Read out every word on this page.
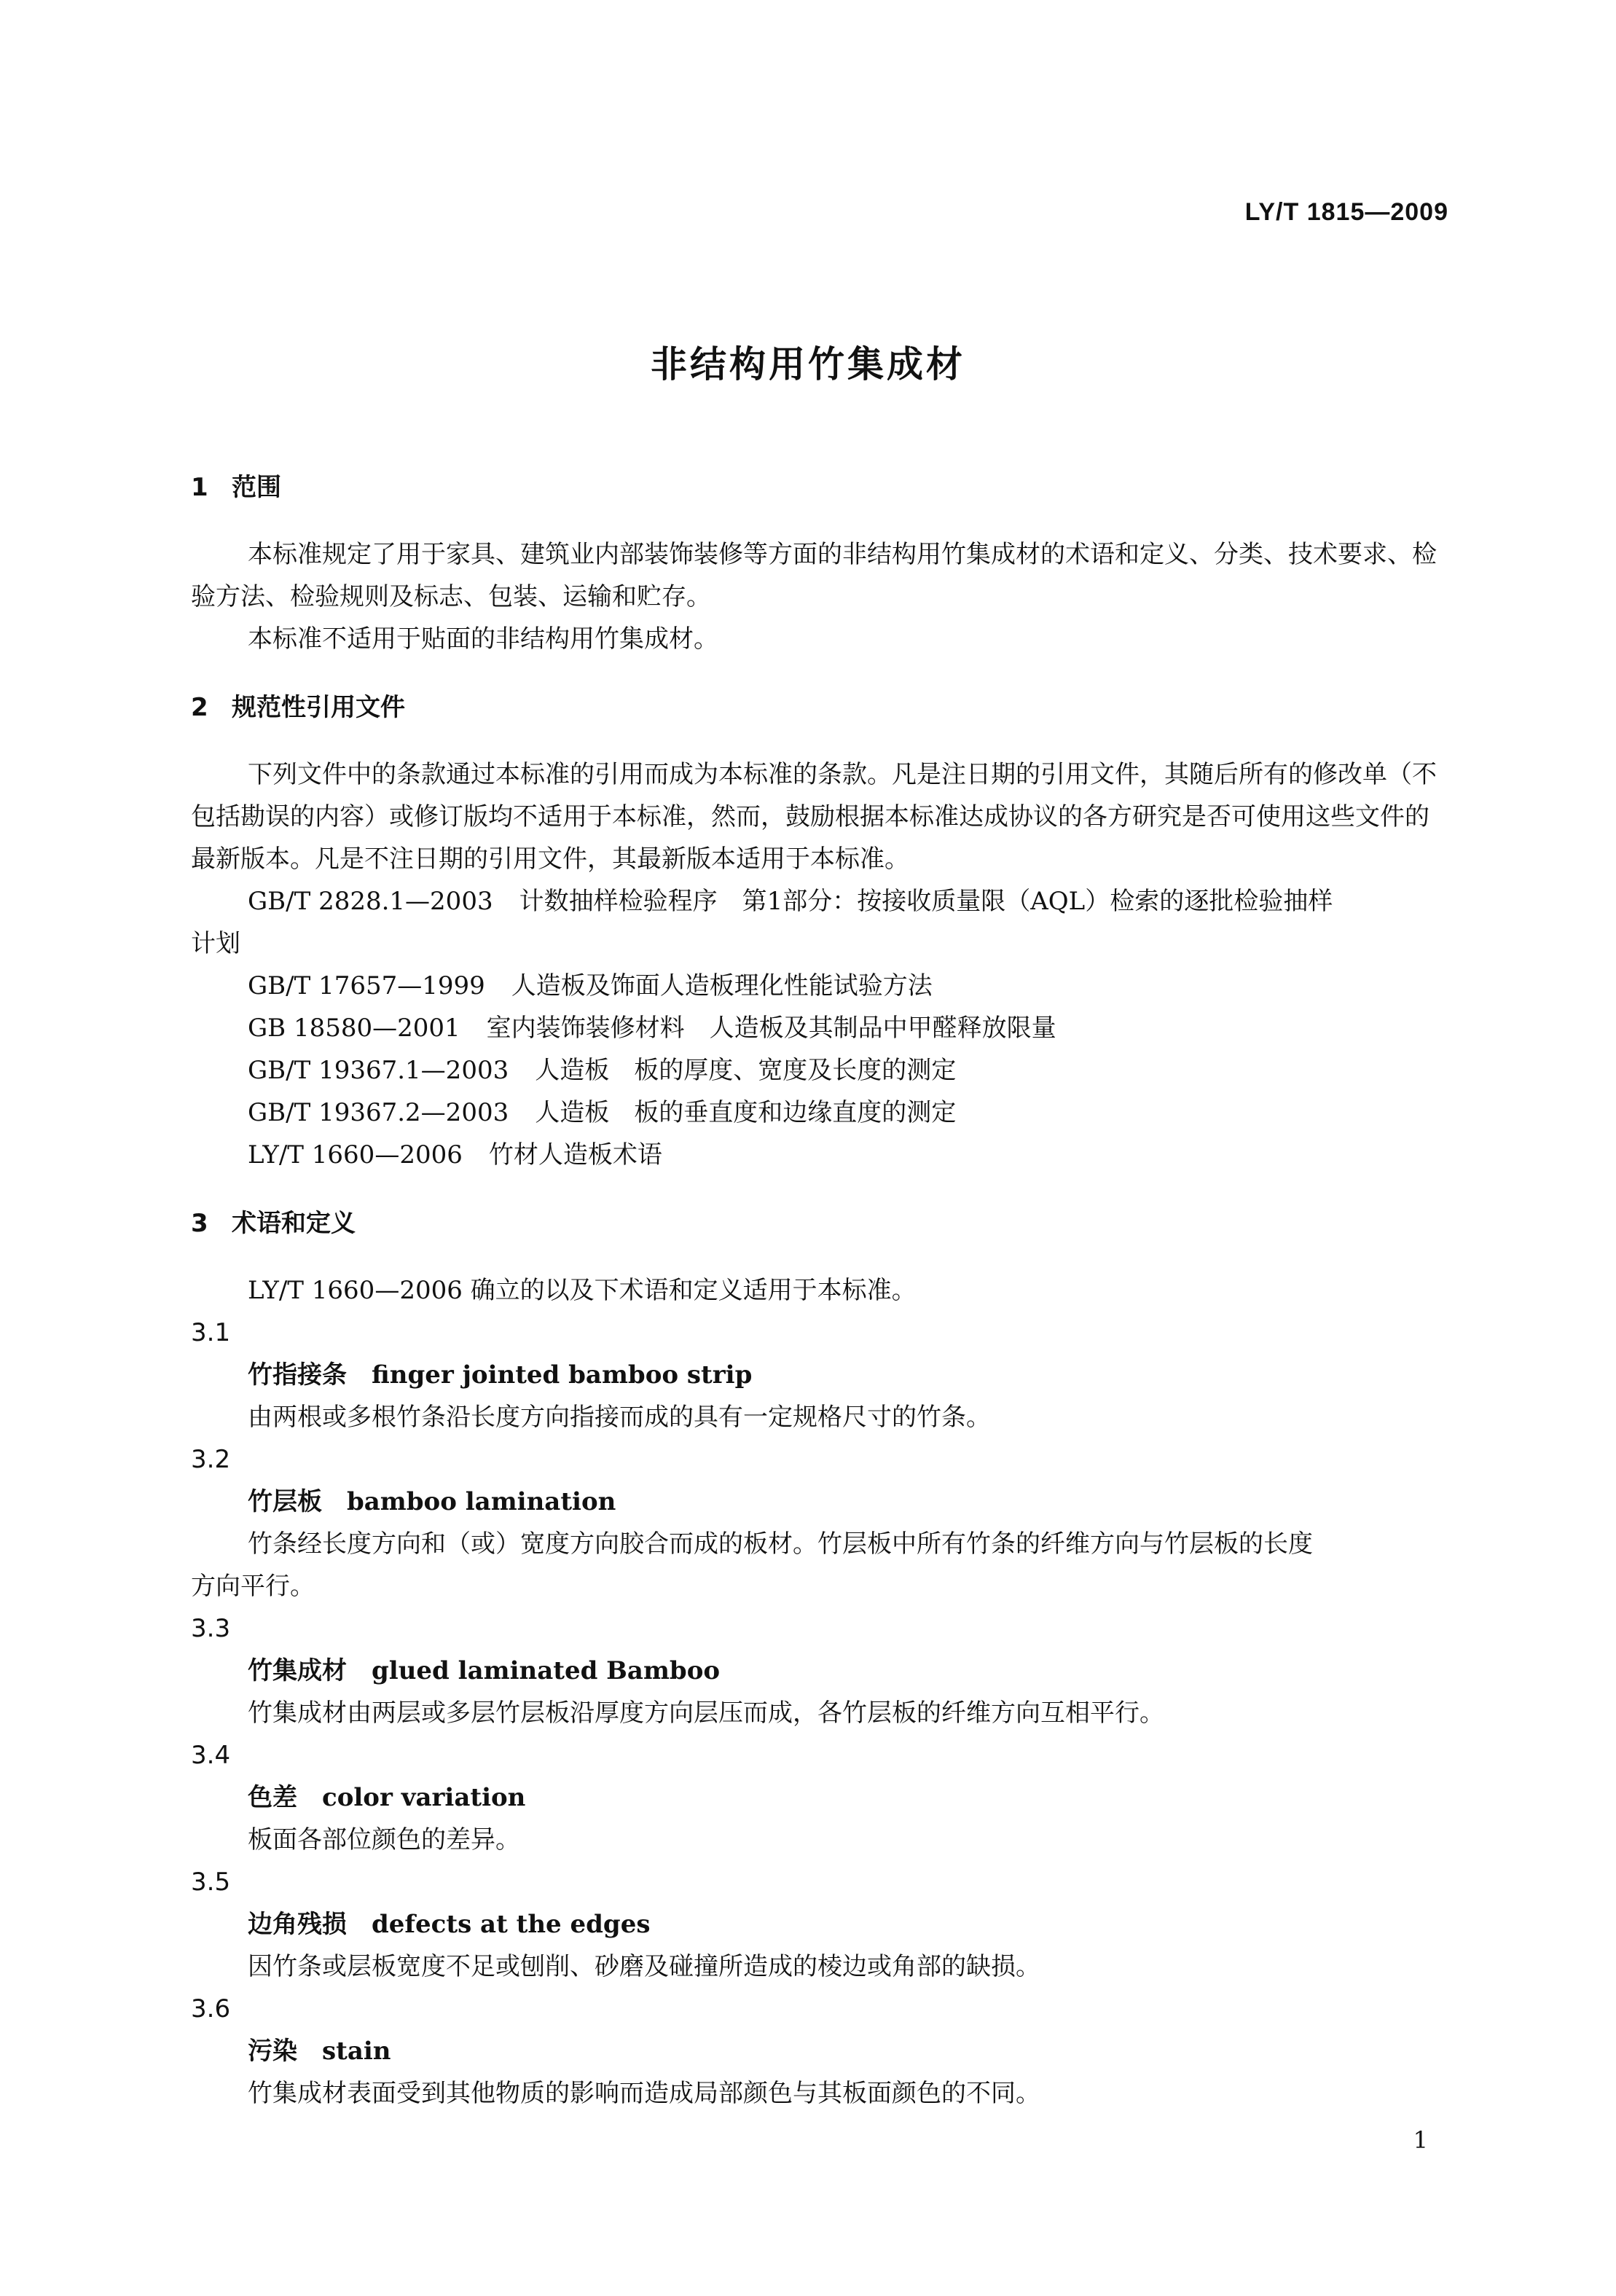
LY/T 1815—2009
非结构用竹集成材

1 范围

本标准规定了用于家具、建筑业内部装饰装修等方面的非结构用竹集成材的术语和定义、分类、技术要求、检验方法、检验规则及标志、包装、运输和贮存。

本标准不适用于贴面的非结构用竹集成材。

2 规范性引用文件

下列文件中的条款通过本标准的引用而成为本标准的条款。凡是注日期的引用文件，其随后所有的修改单（不包括勘误的内容）或修订版均不适用于本标准，然而，鼓励根据本标准达成协议的各方研究是否可使用这些文件的最新版本。凡是不注日期的引用文件，其最新版本适用于本标准。

GB/T 2828.1—2003 计数抽样检验程序　第1部分：按接收质量限（AQL）检索的逐批检验抽样
计划

GB/T 17657—1999 人造板及饰面人造板理化性能试验方法

GB 18580—2001 室内装饰装修材料　人造板及其制品中甲醛释放限量

GB/T 19367.1—2003 人造板　板的厚度、宽度及长度的测定

GB/T 19367.2—2003 人造板　板的垂直度和边缘直度的测定

LY/T 1660—2006 竹材人造板术语

3 术语和定义

LY/T 1660—2006 确立的以及下术语和定义适用于本标准。

3.1

竹指接条 finger jointed bamboo strip

由两根或多根竹条沿长度方向指接而成的具有一定规格尺寸的竹条。

3.2

竹层板 bamboo lamination

竹条经长度方向和（或）宽度方向胶合而成的板材。竹层板中所有竹条的纤维方向与竹层板的长度
方向平行。

3.3

竹集成材 glued laminated Bamboo

竹集成材由两层或多层竹层板沿厚度方向层压而成，各竹层板的纤维方向互相平行。

3.4

色差 color variation

板面各部位颜色的差异。

3.5

边角残损 defects at the edges

因竹条或层板宽度不足或刨削、砂磨及碰撞所造成的棱边或角部的缺损。

3.6

污染 stain

竹集成材表面受到其他物质的影响而造成局部颜色与其板面颜色的不同。

1
